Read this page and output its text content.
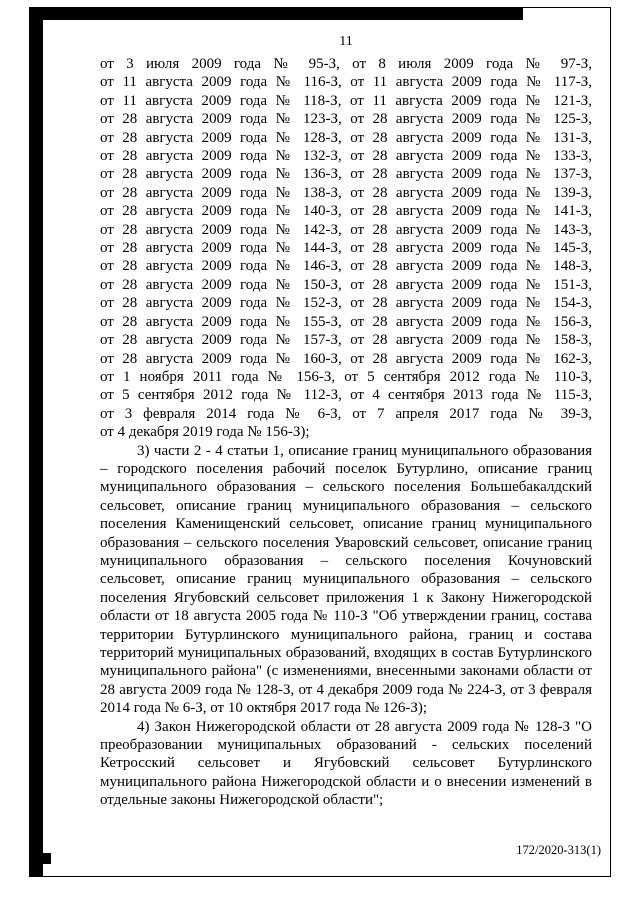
11
от 3 июля 2009 года № 95-З, от 8 июля 2009 года № 97-З,
от 11 августа 2009 года № 116-З, от 11 августа 2009 года № 117-З,
от 11 августа 2009 года № 118-З, от 11 августа 2009 года № 121-З,
от 28 августа 2009 года № 123-З, от 28 августа 2009 года № 125-З,
от 28 августа 2009 года № 128-З, от 28 августа 2009 года № 131-З,
от 28 августа 2009 года № 132-З, от 28 августа 2009 года № 133-З,
от 28 августа 2009 года № 136-З, от 28 августа 2009 года № 137-З,
от 28 августа 2009 года № 138-З, от 28 августа 2009 года № 139-З,
от 28 августа 2009 года № 140-З, от 28 августа 2009 года № 141-З,
от 28 августа 2009 года № 142-З, от 28 августа 2009 года № 143-З,
от 28 августа 2009 года № 144-З, от 28 августа 2009 года № 145-З,
от 28 августа 2009 года № 146-З, от 28 августа 2009 года № 148-З,
от 28 августа 2009 года № 150-З, от 28 августа 2009 года № 151-З,
от 28 августа 2009 года № 152-З, от 28 августа 2009 года № 154-З,
от 28 августа 2009 года № 155-З, от 28 августа 2009 года № 156-З,
от 28 августа 2009 года № 157-З, от 28 августа 2009 года № 158-З,
от 28 августа 2009 года № 160-З, от 28 августа 2009 года № 162-З,
от 1 ноября 2011 года № 156-З, от 5 сентября 2012 года № 110-З,
от 5 сентября 2012 года № 112-З, от 4 сентября 2013 года № 115-З,
от 3 февраля 2014 года № 6-З, от 7 апреля 2017 года № 39-З,
от 4 декабря 2019 года № 156-З);

3) части 2 - 4 статьи 1, описание границ муниципального образования – городского поселения рабочий поселок Бутурлино, описание границ муниципального образования – сельского поселения Большебакалдский сельсовет, описание границ муниципального образования – сельского поселения Каменищенский сельсовет, описание границ муниципального образования – сельского поселения Уваровский сельсовет, описание границ муниципального образования – сельского поселения Кочуновский сельсовет, описание границ муниципального образования – сельского поселения Ягубовский сельсовет приложения 1 к Закону Нижегородской области от 18 августа 2005 года № 110-З "Об утверждении границ, состава территории Бутурлинского муниципального района, границ и состава территорий муниципальных образований, входящих в состав Бутурлинского муниципального района" (с изменениями, внесенными законами области от 28 августа 2009 года № 128-З, от 4 декабря 2009 года № 224-З, от 3 февраля 2014 года № 6-З, от 10 октября 2017 года № 126-З);

4) Закон Нижегородской области от 28 августа 2009 года № 128-З "О преобразовании муниципальных образований - сельских поселений Кетросский сельсовет и Ягубовский сельсовет Бутурлинского муниципального района Нижегородской области и о внесении изменений в отдельные законы Нижегородской области";

172/2020-313(1)
